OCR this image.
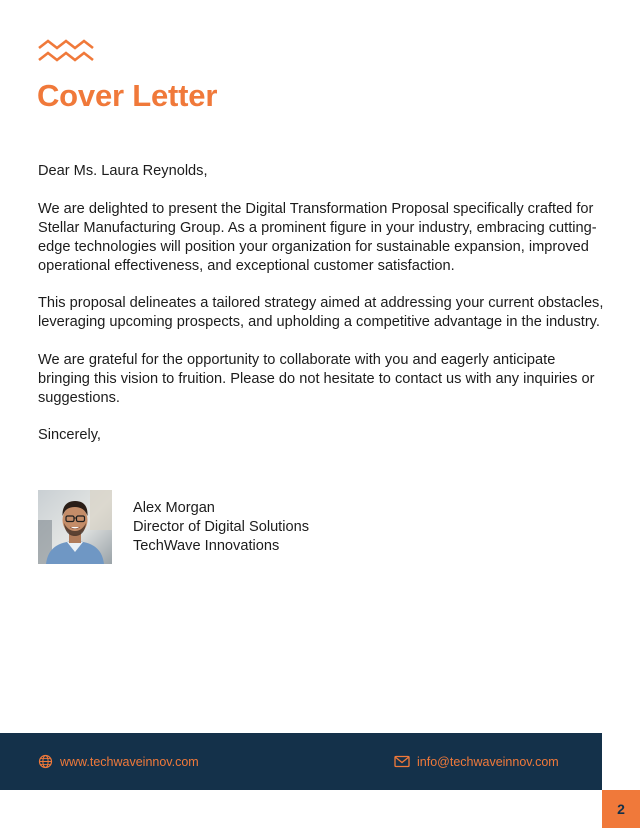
Cover Letter

Dear Ms. Laura Reynolds,

We are delighted to present the Digital Transformation Proposal specifically crafted for Stellar Manufacturing Group. As a prominent figure in your industry, embracing cutting-edge technologies will position your organization for sustainable expansion, improved operational effectiveness, and exceptional customer satisfaction.

This proposal delineates a tailored strategy aimed at addressing your current obstacles, leveraging upcoming prospects, and upholding a competitive advantage in the industry.

We are grateful for the opportunity to collaborate with you and eagerly anticipate bringing this vision to fruition. Please do not hesitate to contact us with any inquiries or suggestions.

Sincerely,

Alex Morgan
Director of Digital Solutions
TechWave Innovations
www.techwaveinnov.com	info@techwaveinnov.com
2
